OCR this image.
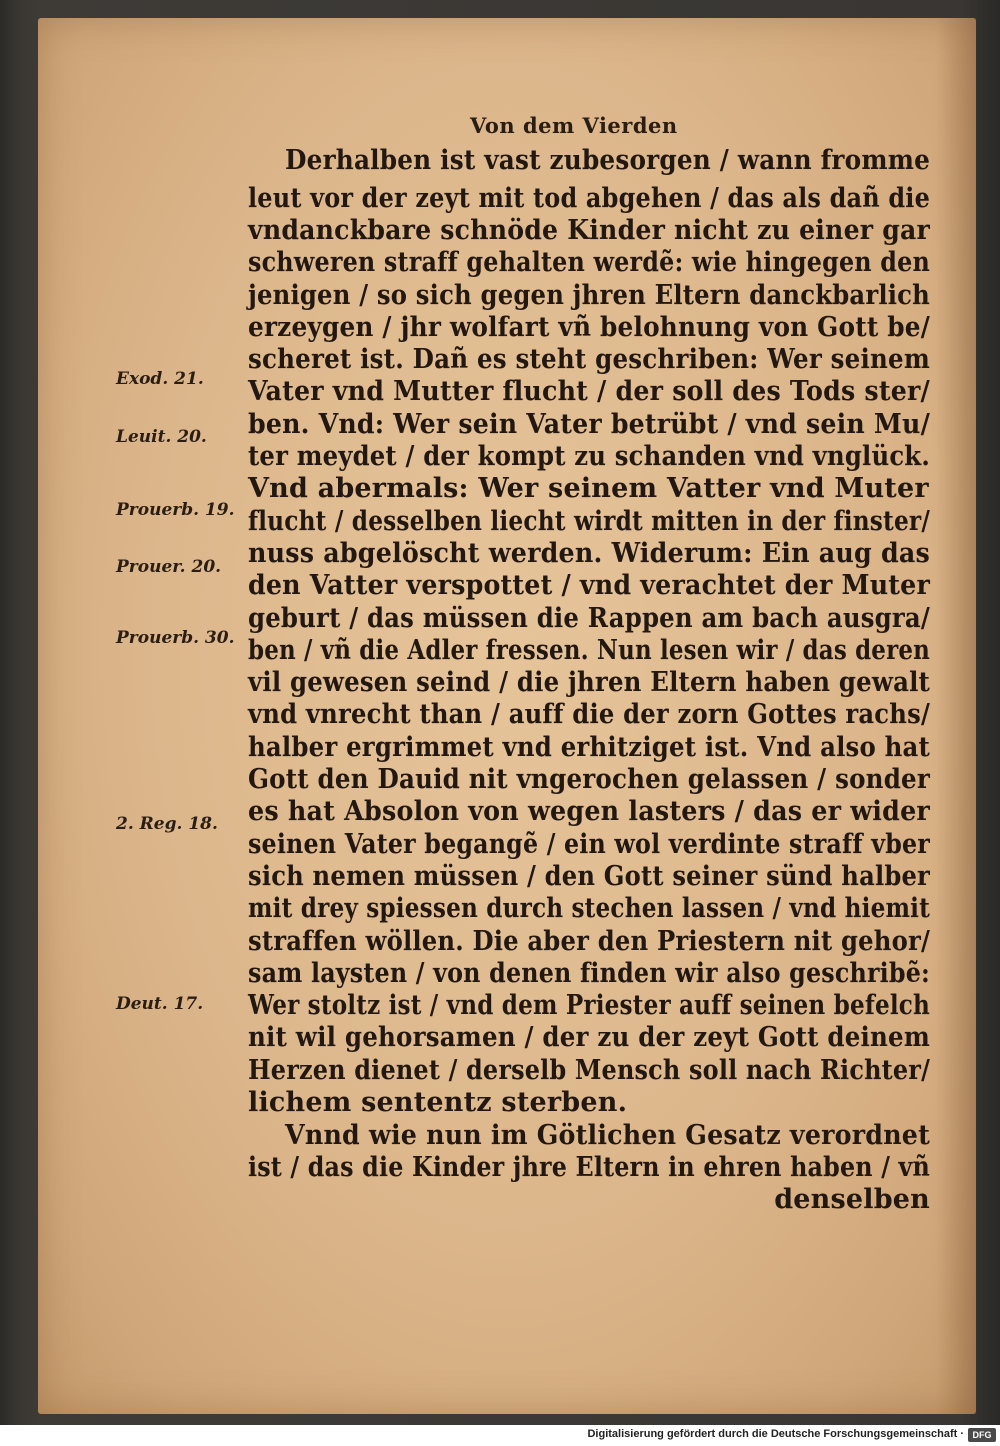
Von dem Vierden
Derhalben ist vast zubesorgen / wann fromme
leut vor der zeyt mit tod abgehen / das als dañ die
vndanckbare schnöde Kinder nicht zu einer gar
schweren straff gehalten werdẽ: wie hingegen den
jenigen / so sich gegen jhren Eltern danckbarlich
erzeygen / jhr wolfart vñ belohnung von Gott be/
scheret ist. Dañ es steht geschriben: Wer seinem
Vater vnd Mutter flucht / der soll des Tods ster/
ben. Vnd: Wer sein Vater betrübt / vnd sein Mu/
ter meydet / der kompt zu schanden vnd vnglück.
Vnd abermals: Wer seinem Vatter vnd Muter
flucht / desselben liecht wirdt mitten in der finster/
nuss abgelöscht werden. Widerum: Ein aug das
den Vatter verspottet / vnd verachtet der Muter
geburt / das müssen die Rappen am bach ausgra/
ben / vñ die Adler fressen. Nun lesen wir / das deren
vil gewesen seind / die jhren Eltern haben gewalt
vnd vnrecht than / auff die der zorn Gottes rachs/
halber ergrimmet vnd erhitziget ist. Vnd also hat
Gott den Dauid nit vngerochen gelassen / sonder
es hat Absolon von wegen lasters / das er wider
seinen Vater begangẽ / ein wol verdinte straff vber
sich nemen müssen / den Gott seiner sünd halber
mit drey spiessen durch stechen lassen / vnd hiemit
straffen wöllen. Die aber den Priestern nit gehor/
sam laysten / von denen finden wir also geschribẽ:
Wer stoltz ist / vnd dem Priester auff seinen befelch
nit wil gehorsamen / der zu der zeyt Gott deinem
Herzen dienet / derselb Mensch soll nach Richter/
lichem sententz sterben.
Vnnd wie nun im Götlichen Gesatz verordnet
ist / das die Kinder jhre Eltern in ehren haben / vñ
denselben
Exod. 21.
Leuit. 20.
Prouerb. 19.
Prouer. 20.
Prouerb. 30.
2. Reg. 18.
Deut. 17.
Digitalisierung gefördert durch die Deutsche Forschungsgemeinschaft · DFG
